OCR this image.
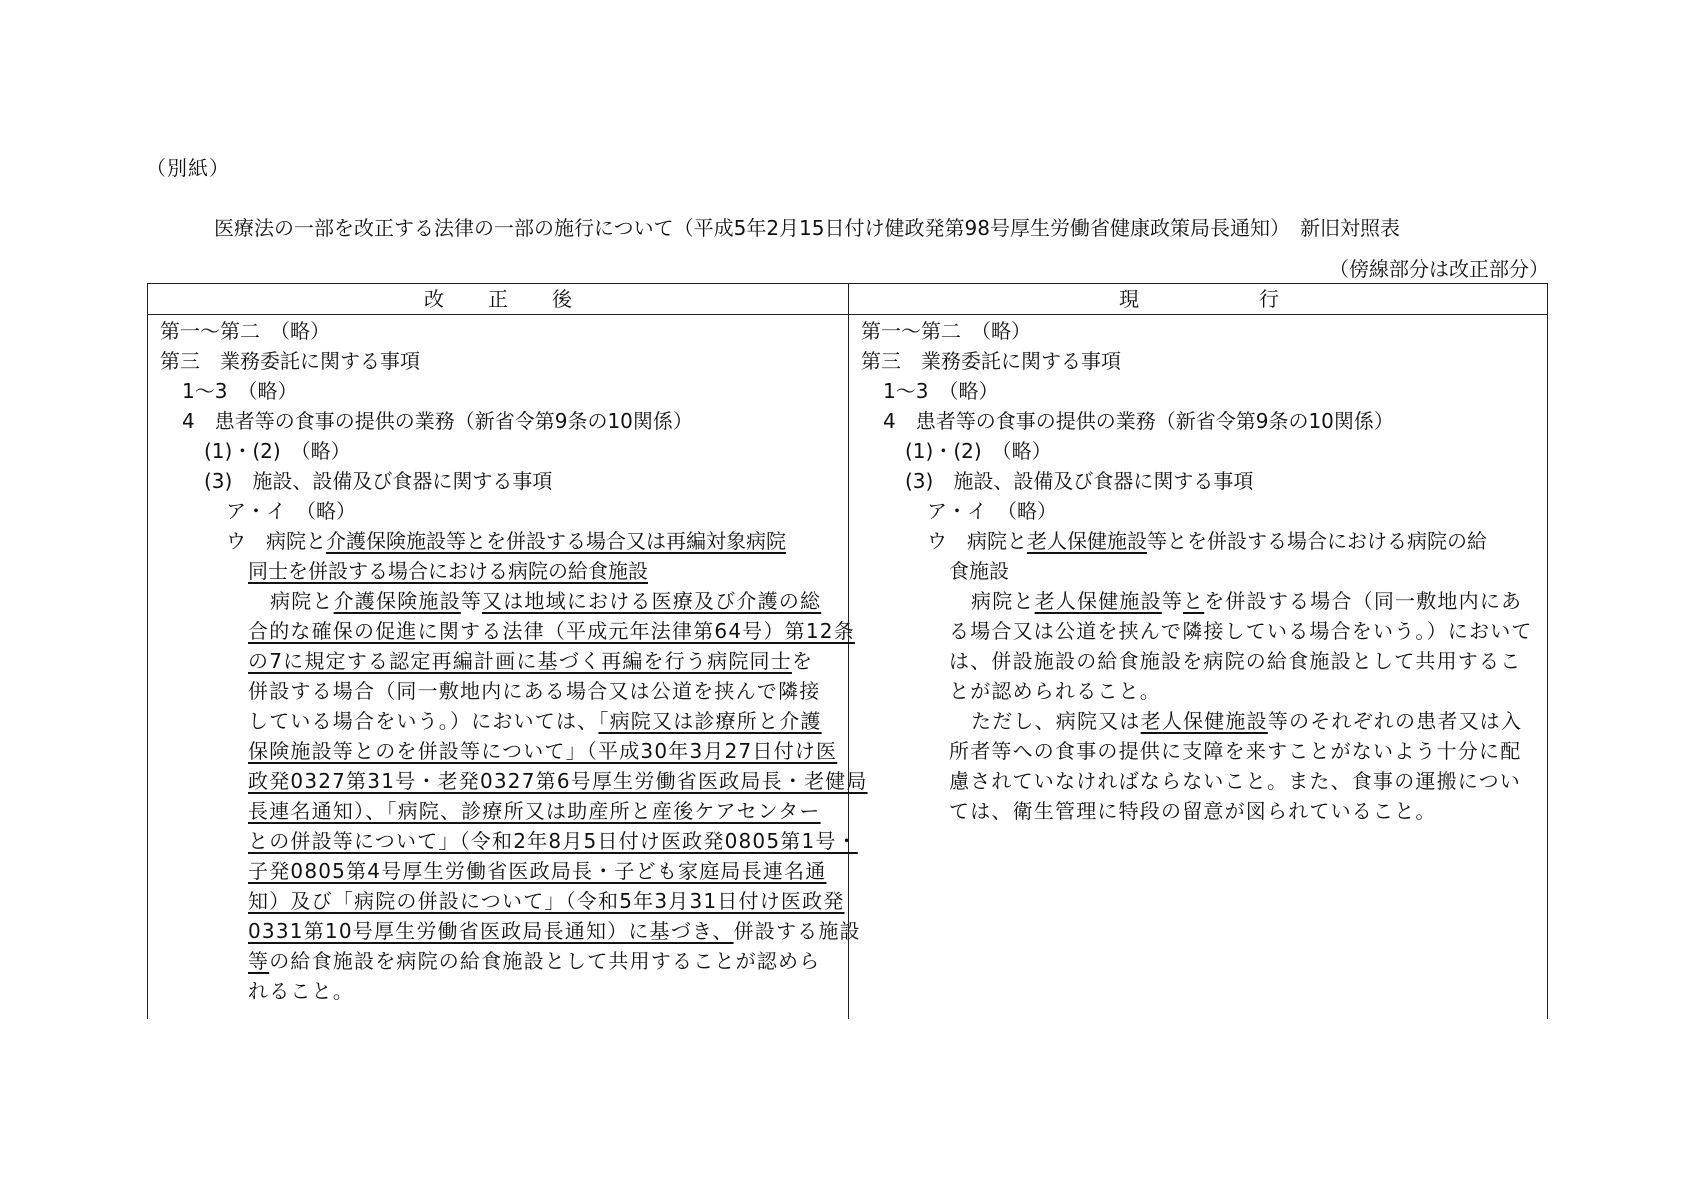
（別紙）
医療法の一部を改正する法律の一部の施行について（平成5年2月15日付け健政発第98号厚生労働省健康政策局長通知）　新旧対照表
（傍線部分は改正部分）
改正後	現行
第一～第二　（略）
第三　業務委託に関する事項
1～3　（略）
4　患者等の食事の提供の業務（新省令第9条の10関係）
(1)・(2)　（略）
(3)　施設、設備及び食器に関する事項
ア・イ　（略）
ウ　病院と介護保険施設等とを併設する場合又は再編対象病院
同士を併設する場合における病院の給食施設
病院と介護保険施設等又は地域における医療及び介護の総
合的な確保の促進に関する法律（平成元年法律第64号）第12条
の7に規定する認定再編計画に基づく再編を行う病院同士を
併設する場合（同一敷地内にある場合又は公道を挟んで隣接
している場合をいう。）においては、「病院又は診療所と介護
保険施設等とのを併設等について」（平成30年3月27日付け医
政発0327第31号・老発0327第6号厚生労働省医政局長・老健局
長連名通知）、「病院、診療所又は助産所と産後ケアセンター
との併設等について」（令和2年8月5日付け医政発0805第1号・
子発0805第4号厚生労働省医政局長・子ども家庭局長連名通
知）及び「病院の併設について」（令和5年3月31日付け医政発
0331第10号厚生労働省医政局長通知）に基づき、併設する施設
等の給食施設を病院の給食施設として共用することが認めら
れること。
第一～第二　（略）
第三　業務委託に関する事項
1～3　（略）
4　患者等の食事の提供の業務（新省令第9条の10関係）
(1)・(2)　（略）
(3)　施設、設備及び食器に関する事項
ア・イ　（略）
ウ　病院と老人保健施設等とを併設する場合における病院の給
食施設
病院と老人保健施設等とを併設する場合（同一敷地内にあ
る場合又は公道を挟んで隣接している場合をいう。）において
は、併設施設の給食施設を病院の給食施設として共用するこ
とが認められること。
ただし、病院又は老人保健施設等のそれぞれの患者又は入
所者等への食事の提供に支障を来すことがないよう十分に配
慮されていなければならないこと。また、食事の運搬につい
ては、衛生管理に特段の留意が図られていること。
